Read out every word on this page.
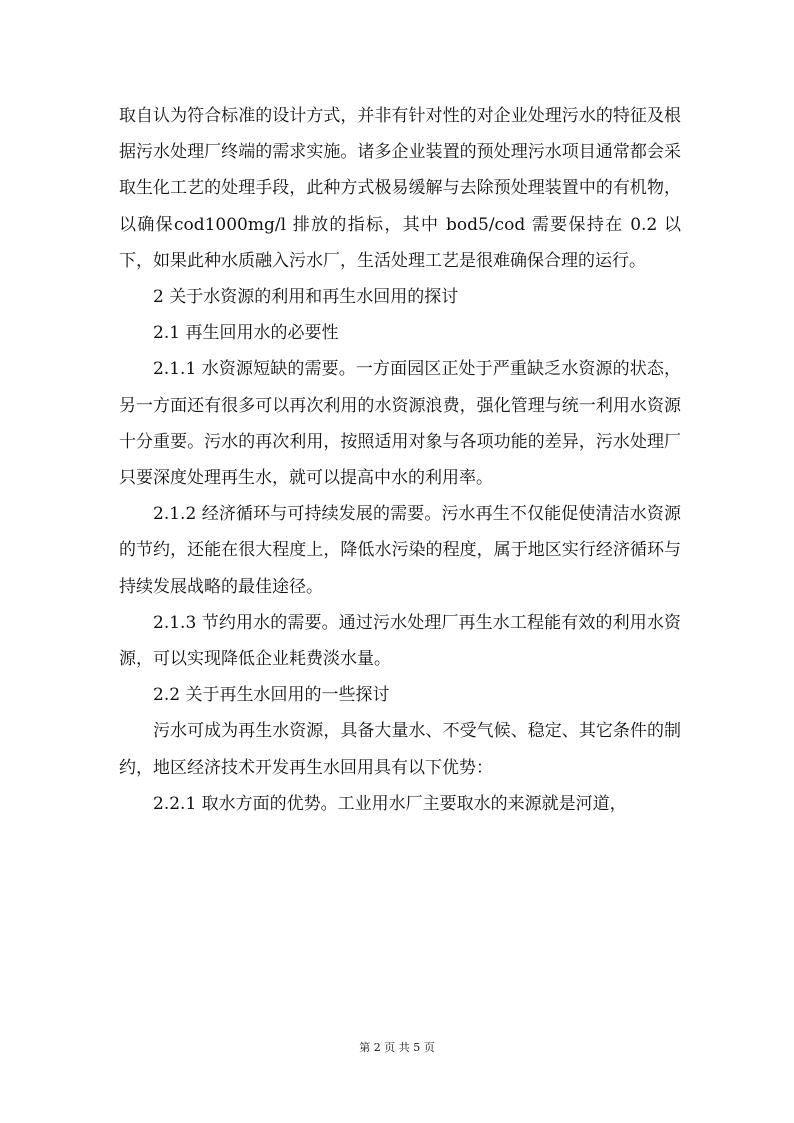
取自认为符合标准的设计方式，并非有针对性的对企业处理污水的特征及根据污水处理厂终端的需求实施。诸多企业装置的预处理污水项目通常都会采取生化工艺的处理手段，此种方式极易缓解与去除预处理装置中的有机物，以确保cod1000mg/l 排放的指标，其中 bod5/cod 需要保持在 0.2 以下，如果此种水质融入污水厂，生活处理工艺是很难确保合理的运行。

2 关于水资源的利用和再生水回用的探讨

2.1 再生回用水的必要性

2.1.1 水资源短缺的需要。一方面园区正处于严重缺乏水资源的状态，另一方面还有很多可以再次利用的水资源浪费，强化管理与统一利用水资源十分重要。污水的再次利用，按照适用对象与各项功能的差异，污水处理厂只要深度处理再生水，就可以提高中水的利用率。

2.1.2 经济循环与可持续发展的需要。污水再生不仅能促使清洁水资源的节约，还能在很大程度上，降低水污染的程度，属于地区实行经济循环与持续发展战略的最佳途径。

2.1.3 节约用水的需要。通过污水处理厂再生水工程能有效的利用水资源，可以实现降低企业耗费淡水量。

2.2 关于再生水回用的一些探讨

污水可成为再生水资源，具备大量水、不受气候、稳定、其它条件的制约，地区经济技术开发再生水回用具有以下优势：

2.2.1 取水方面的优势。工业用水厂主要取水的来源就是河道，

第 2 页 共 5 页
